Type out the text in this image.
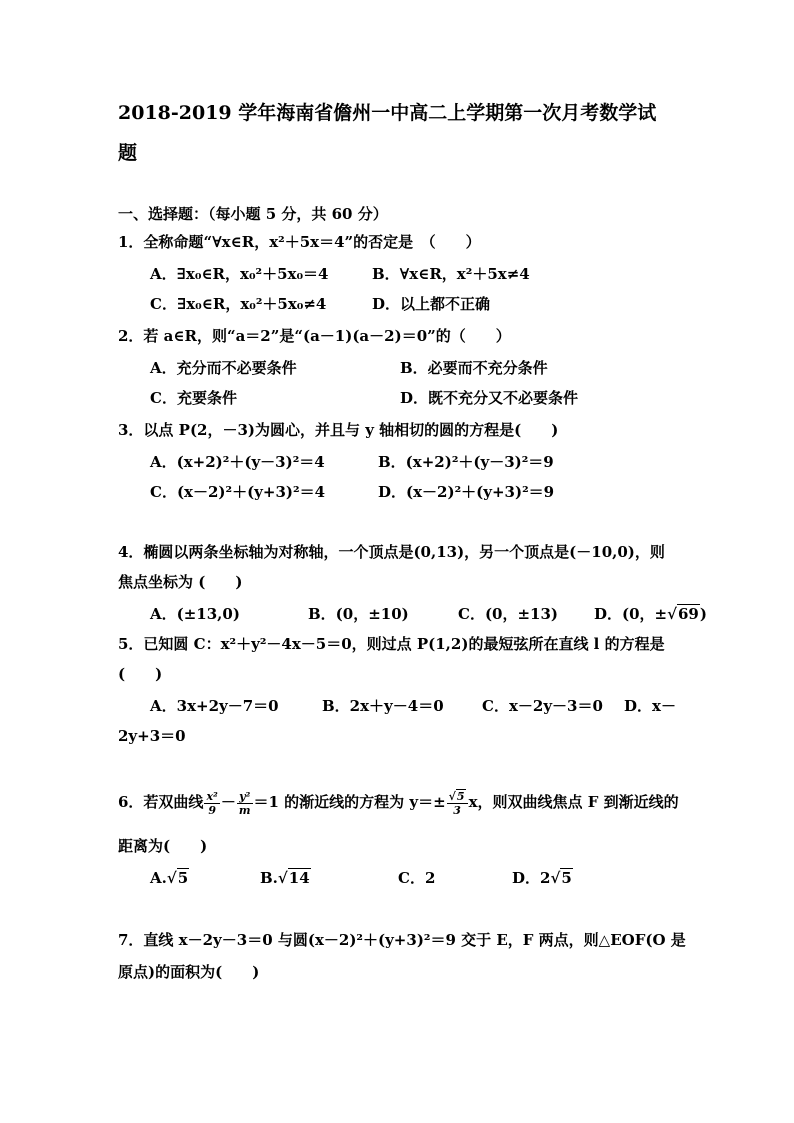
2018-2019 学年海南省儋州一中高二上学期第一次月考数学试
题
一、选择题：（每小题 5 分，共 60 分）
1．全称命题“∀x∈R，x²＋5x＝4”的否定是　（　　）
A．∃x₀∈R，x₀²＋5x₀＝4	B．∀x∈R，x²＋5x≠4
C．∃x₀∈R，x₀²＋5x₀≠4	D．以上都不正确
2．若 a∈R，则“a＝2”是“(a－1)(a－2)＝0”的（　　）
A．充分而不必要条件	B．必要而不充分条件
C．充要条件	D．既不充分又不必要条件
3．以点 P(2，－3)为圆心，并且与 y 轴相切的圆的方程是(　　)
A．(x+2)²＋(y－3)²＝4	B．(x+2)²＋(y－3)²＝9
C．(x－2)²＋(y+3)²＝4	D．(x－2)²＋(y+3)²＝9
4．椭圆以两条坐标轴为对称轴，一个顶点是(0,13)，另一个顶点是(－10,0)，则
焦点坐标为 (　　)
A．(±13,0)	B．(0，±10)	C．(0，±13) D．(0，±√69)
5．已知圆 C：x²＋y²－4x－5＝0，则过点 P(1,2)的最短弦所在直线 l 的方程是
(　　)
A．3x+2y－7＝0	B．2x＋y－4＝0	C．x－2y－3＝0 D．x－
2y+3＝0
6．若双曲线 $\frac{\text{x²}}{9} - \frac{\text{y²}}{m} =1$ 的渐近线的方程为 $y=\pm \frac{√5}{3}$ x，则双曲线焦点 F 到渐近线的
距离为(　　)
A.√5	B.√14	C．2	D．2√5
7．直线 x－2y－3＝0 与圆(x－2)²＋(y+3)²＝9 交于 E，F 两点，则△EOF(O 是
原点)的面积为(　　)
